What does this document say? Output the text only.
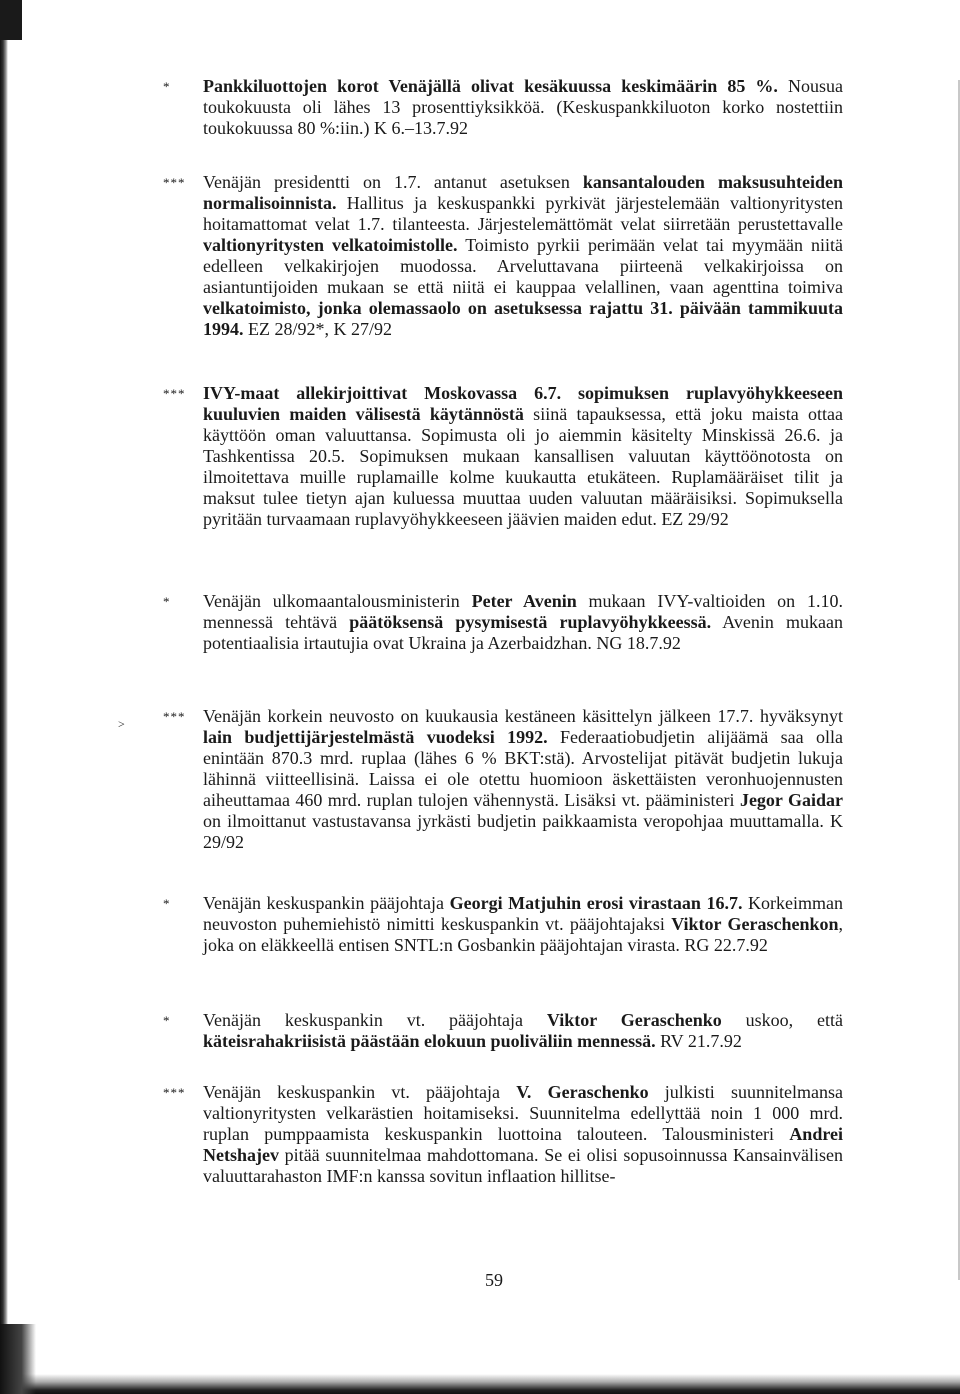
*	Pankkiluottojen korot Venäjällä olivat kesäkuussa keskimäärin 85 %. Nousua toukokuusta oli lähes 13 prosenttiyksikköä. (Keskuspankkiluoton korko nostettiin toukokuussa 80 %:iin.) K 6.–13.7.92
*** Venäjän presidentti on 1.7. antanut asetuksen kansantalouden maksusuhteiden normalisoinnista. Hallitus ja keskuspankki pyrkivät järjestelemään valtionyritysten hoitamattomat velat 1.7. tilanteesta. Järjestelemättömät velat siirretään perustettavalle valtionyritysten velkatoimistolle. Toimisto pyrkii perimään velat tai myymään niitä edelleen velkakirjojen muodossa. Arveluttavana piirteenä velkakirjoissa on asiantuntijoiden mukaan se että niitä ei kauppaa velallinen, vaan agenttina toimiva velkatoimisto, jonka olemassaolo on asetuksessa rajattu 31. päivään tammikuuta 1994. EZ 28/92*, K 27/92
*** IVY-maat allekirjoittivat Moskovassa 6.7. sopimuksen ruplavyöhykkeeseen kuuluvien maiden välisestä käytännöstä siinä tapauksessa, että joku maista ottaa käyttöön oman valuuttansa. Sopimusta oli jo aiemmin käsitelty Minskissä 26.6. ja Tashkentissa 20.5. Sopimuksen mukaan kansallisen valuutan käyttöönotosta on ilmoitettava muille ruplamaille kolme kuukautta etukäteen. Ruplamääräiset tilit ja maksut tulee tietyn ajan kuluessa muuttaa uuden valuutan määräisiksi. Sopimuksella pyritään turvaamaan ruplavyöhykkeeseen jäävien maiden edut. EZ 29/92
*	Venäjän ulkomaantalousministerin Peter Avenin mukaan IVY-valtioiden on 1.10. mennessä tehtävä päätöksensä pysymisestä ruplavyöhykkeessä. Avenin mukaan potentiaalisia irtautujia ovat Ukraina ja Azerbaidzhan. NG 18.7.92
>	*** Venäjän korkein neuvosto on kuukausia kestäneen käsittelyn jälkeen 17.7. hyväksynyt lain budjettijärjestelmästä vuodeksi 1992. Federaatiobudjetin alijäämä saa olla enintään 870.3 mrd. ruplaa (lähes 6 % BKT:stä). Arvostelijat pitävät budjetin lukuja lähinnä viitteellisinä. Laissa ei ole otettu huomioon äskettäisten veronhuojennusten aiheuttamaa 460 mrd. ruplan tulojen vähennystä. Lisäksi vt. pääministeri Jegor Gaidar on ilmoittanut vastustavansa jyrkästi budjetin paikkaamista veropohjaa muuttamalla. K 29/92
*	Venäjän keskuspankin pääjohtaja Georgi Matjuhin erosi virastaan 16.7. Korkeimman neuvoston puhemiehistö nimitti keskuspankin vt. pääjohtajaksi Viktor Geraschenkon, joka on eläkkeellä entisen SNTL:n Gosbankin pääjohtajan virasta. RG 22.7.92
*	Venäjän keskuspankin vt. pääjohtaja Viktor Geraschenko uskoo, että käteisrahakriisistä päästään elokuun puoliväliin mennessä. RV 21.7.92
*** Venäjän keskuspankin vt. pääjohtaja V. Geraschenko julkisti suunnitelmansa valtionyritysten velkarästien hoitamiseksi. Suunnitelma edellyttää noin 1 000 mrd. ruplan pumppaamista keskuspankin luottoina talouteen. Talousministeri Andrei Netshajev pitää suunnitelmaa mahdottomana. Se ei olisi sopusoinnussa Kansainvälisen valuuttarahaston IMF:n kanssa sovitun inflaation hillitse-
59
